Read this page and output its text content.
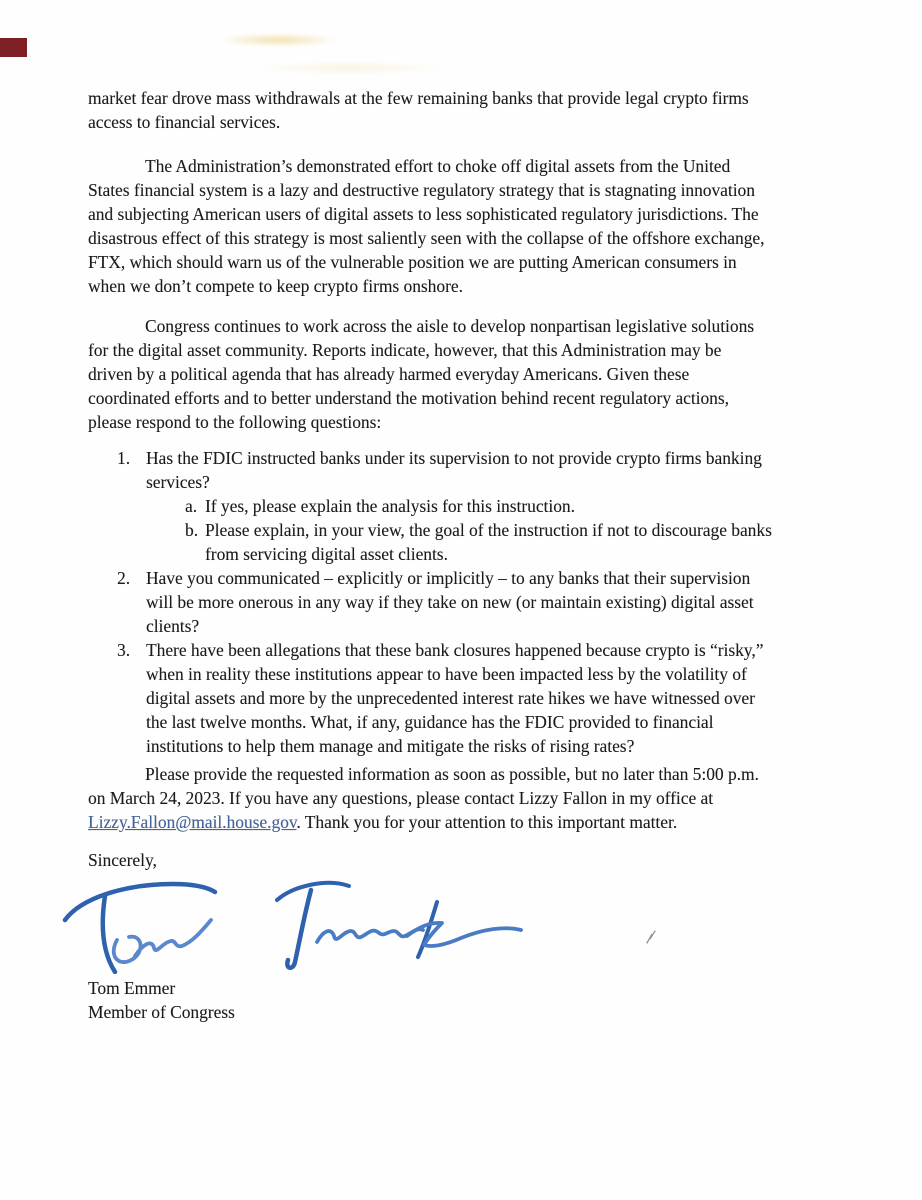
market fear drove mass withdrawals at the few remaining banks that provide legal crypto firms
access to financial services.
The Administration’s demonstrated effort to choke off digital assets from the United
States financial system is a lazy and destructive regulatory strategy that is stagnating innovation
and subjecting American users of digital assets to less sophisticated regulatory jurisdictions. The
disastrous effect of this strategy is most saliently seen with the collapse of the offshore exchange,
FTX, which should warn us of the vulnerable position we are putting American consumers in
when we don’t compete to keep crypto firms onshore.
Congress continues to work across the aisle to develop nonpartisan legislative solutions
for the digital asset community. Reports indicate, however, that this Administration may be
driven by a political agenda that has already harmed everyday Americans. Given these
coordinated efforts and to better understand the motivation behind recent regulatory actions,
please respond to the following questions:
1. Has the FDIC instructed banks under its supervision to not provide crypto firms banking
services?
a. If yes, please explain the analysis for this instruction.
b. Please explain, in your view, the goal of the instruction if not to discourage banks
from servicing digital asset clients.
2. Have you communicated – explicitly or implicitly – to any banks that their supervision
will be more onerous in any way if they take on new (or maintain existing) digital asset
clients?
3. There have been allegations that these bank closures happened because crypto is “risky,”
when in reality these institutions appear to have been impacted less by the volatility of
digital assets and more by the unprecedented interest rate hikes we have witnessed over
the last twelve months. What, if any, guidance has the FDIC provided to financial
institutions to help them manage and mitigate the risks of rising rates?
Please provide the requested information as soon as possible, but no later than 5:00 p.m.
on March 24, 2023. If you have any questions, please contact Lizzy Fallon in my office at
Lizzy.Fallon@mail.house.gov. Thank you for your attention to this important matter.
Sincerely,
Tom Emmer
Member of Congress
